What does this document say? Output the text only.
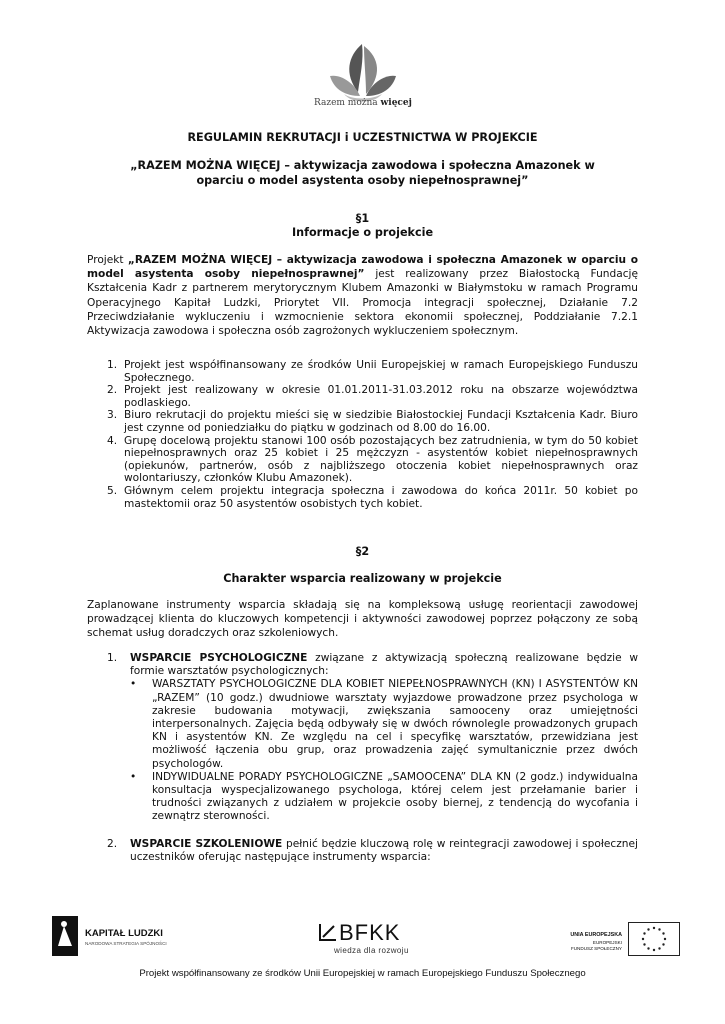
Razem można więcej
REGULAMIN REKRUTACJI i UCZESTNICTWA W PROJEKCIE
„RAZEM MOŻNA WIĘCEJ – aktywizacja zawodowa i społeczna Amazonek w oparciu o model asystenta osoby niepełnosprawnej”
§1
Informacje o projekcie
Projekt „RAZEM MOŻNA WIĘCEJ – aktywizacja zawodowa i społeczna Amazonek w oparciu o model asystenta osoby niepełnosprawnej” jest realizowany przez Białostocką Fundację Kształcenia Kadr z partnerem merytorycznym Klubem Amazonki w Białymstoku w ramach Programu Operacyjnego Kapitał Ludzki, Priorytet VII. Promocja integracji społecznej, Działanie 7.2 Przeciwdziałanie wykluczeniu i wzmocnienie sektora ekonomii społecznej, Poddziałanie 7.2.1 Aktywizacja zawodowa i społeczna osób zagrożonych wykluczeniem społecznym.
1. Projekt jest współfinansowany ze środków Unii Europejskiej w ramach Europejskiego Funduszu Społecznego.
2. Projekt jest realizowany w okresie 01.01.2011-31.03.2012 roku na obszarze województwa podlaskiego.
3. Biuro rekrutacji do projektu mieści się w siedzibie Białostockiej Fundacji Kształcenia Kadr. Biuro jest czynne od poniedziałku do piątku w godzinach od 8.00 do 16.00.
4. Grupę docelową projektu stanowi 100 osób pozostających bez zatrudnienia, w tym do 50 kobiet niepełnosprawnych oraz 25 kobiet i 25 mężczyzn - asystentów kobiet niepełnosprawnych (opiekunów, partnerów, osób z najbliższego otoczenia kobiet niepełnosprawnych oraz wolontariuszy, członków Klubu Amazonek).
5. Głównym celem projektu integracja społeczna i zawodowa do końca 2011r. 50 kobiet po mastektomii oraz 50 asystentów osobistych tych kobiet.
§2
Charakter wsparcia realizowany w projekcie
Zaplanowane instrumenty wsparcia składają się na kompleksową usługę reorientacji zawodowej prowadzącej klienta do kluczowych kompetencji i aktywności zawodowej poprzez połączony ze sobą schemat usług doradczych oraz szkoleniowych.
1. WSPARCIE PSYCHOLOGICZNE związane z aktywizacją społeczną realizowane będzie w formie warsztatów psychologicznych:
• WARSZTATY PSYCHOLOGICZNE DLA KOBIET NIEPEŁNOSPRAWNYCH (KN) I ASYSTENTÓW KN „RAZEM” (10 godz.) dwudniowe warsztaty wyjazdowe prowadzone przez psychologa w zakresie budowania motywacji, zwiększania samooceny oraz umiejętności interpersonalnych. Zajęcia będą odbywały się w dwóch równolegle prowadzonych grupach KN i asystentów KN. Ze względu na cel i specyfikę warsztatów, przewidziana jest możliwość łączenia obu grup, oraz prowadzenia zajęć symultanicznie przez dwóch psychologów.
• INDYWIDUALNE PORADY PSYCHOLOGICZNE „SAMOOCENA” DLA KN (2 godz.) indywidualna konsultacja wyspecjalizowanego psychologa, której celem jest przełamanie barier i trudności związanych z udziałem w projekcie osoby biernej, z tendencją do wycofania i zewnątrz sterowności.
2. WSPARCIE SZKOLENIOWE pełnić będzie kluczową rolę w reintegracji zawodowej i społecznej uczestników oferując następujące instrumenty wsparcia:
KAPITAŁ LUDZKI
NARODOWA STRATEGIA SPÓJNOŚCI	BFKK
wiedza dla rozwoju
UNIA EUROPEJSKA
EUROPEJSKI
FUNDUSZ SPOŁECZNY
Projekt współfinansowany ze środków Unii Europejskiej w ramach Europejskiego Funduszu Społecznego
